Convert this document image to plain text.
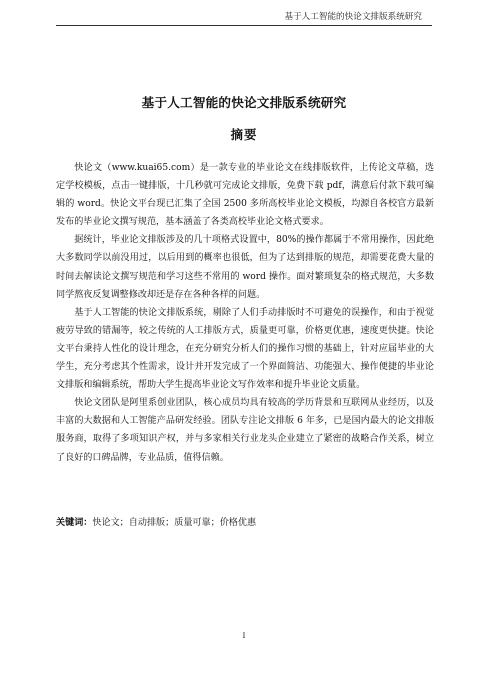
基于人工智能的快论文排版系统研究
基于人工智能的快论文排版系统研究
摘要

快论文（www.kuai65.com）是一款专业的毕业论文在线排版软件，上传论文草稿，选定学校模板，点击一键排版，十几秒就可完成论文排版，免费下载 pdf，满意后付款下载可编辑的 word。快论文平台现已汇集了全国 2500 多所高校毕业论文模板，均源自各校官方最新发布的毕业论文撰写规范，基本涵盖了各类高校毕业论文格式要求。

据统计，毕业论文排版涉及的几十项格式设置中，80%的操作都属于不常用操作，因此绝大多数同学以前没用过，以后用到的概率也很低，但为了达到排版的规范，却需要花费大量的时间去解读论文撰写规范和学习这些不常用的 word 操作。面对繁琐复杂的格式规范，大多数同学熬夜反复调整修改却还是存在各种各样的问题。

基于人工智能的快论文排版系统，剔除了人们手动排版时不可避免的误操作，和由于视觉疲劳导致的错漏等，较之传统的人工排版方式，质量更可靠，价格更优惠，速度更快捷。快论文平台秉持人性化的设计理念，在充分研究分析人们的操作习惯的基础上，针对应届毕业的大学生，充分考虑其个性需求，设计并开发完成了一个界面简洁、功能强大、操作便捷的毕业论文排版和编辑系统，帮助大学生提高毕业论文写作效率和提升毕业论文质量。

快论文团队是阿里系创业团队，核心成员均具有较高的学历背景和互联网从业经历，以及丰富的大数据和人工智能产品研发经验。团队专注论文排版 6 年多，已是国内最大的论文排版服务商，取得了多项知识产权，并与多家相关行业龙头企业建立了紧密的战略合作关系，树立了良好的口碑品牌，专业品质，值得信赖。

关键词：快论文；自动排版；质量可靠；价格优惠
I
